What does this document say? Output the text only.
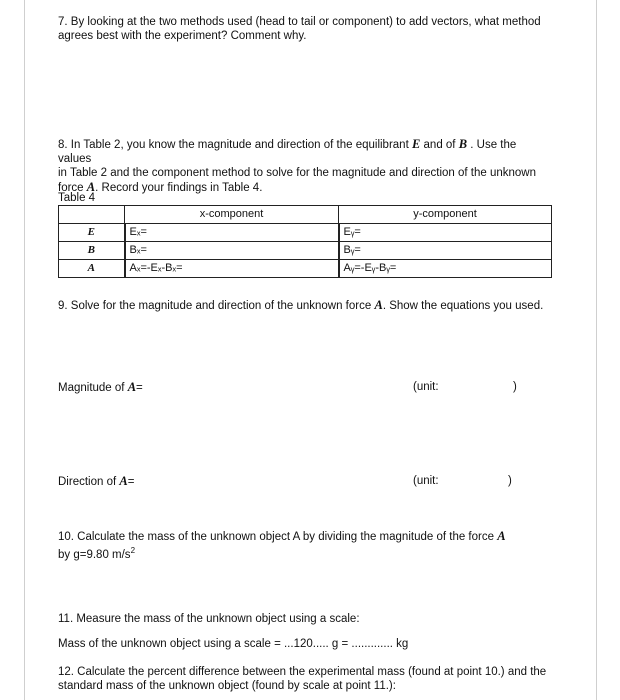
7. By looking at the two methods used (head to tail or component) to add vectors, what method
agrees best with the experiment? Comment why.
8. In Table 2, you know the magnitude and direction of the equilibrant E and of B . Use the
values
in Table 2 and the component method to solve for the magnitude and direction of the unknown
force A. Record your findings in Table 4.
Table 4
	x-component	y-component
E	Eₓ=	Eᵧ=
B	Bₓ=	Bᵧ=
A	Aₓ=-Eₓ-Bₓ=	Aᵧ=-Eᵧ-Bᵧ=
9. Solve for the magnitude and direction of the unknown force A. Show the equations you used.
Magnitude of A=	(unit:	)
Direction of A=	(unit:	)
10. Calculate the mass of the unknown object A by dividing the magnitude of the force A
by g=9.80 $m/s^2$
11. Measure the mass of the unknown object using a scale:
Mass of the unknown object using a scale = ...120..... g = ............. kg
12. Calculate the percent difference between the experimental mass (found at point 10.) and the
standard mass of the unknown object (found by scale at point 11.):
